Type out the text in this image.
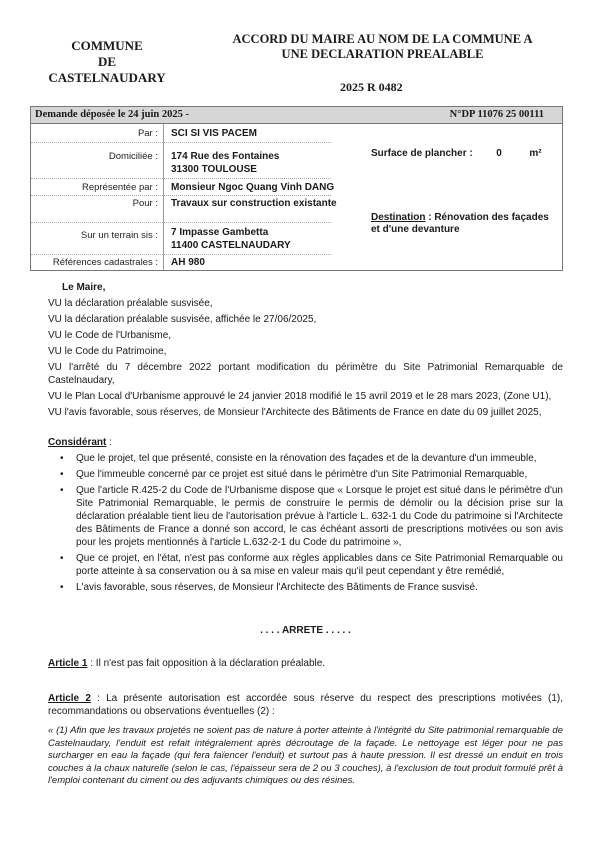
COMMUNE
DE
CASTELNAUDARY
ACCORD DU MAIRE AU NOM DE LA COMMUNE A
UNE DECLARATION PREALABLE
2025 R 0482
Demande déposée le 24 juin 2025 -	N°DP 11076 25 00111
Par : SCI SI VIS PACEM
Domiciliée : 174 Rue des Fontaines
31300 TOULOUSE
Représentée par : Monsieur Ngoc Quang Vinh DANG
Pour : Travaux sur construction existante
Sur un terrain sis : 7 Impasse Gambetta
11400 CASTELNAUDARY
Références cadastrales : AH 980
Surface de plancher : 0	m²
Destination : Rénovation des façades et d'une devanture
Le Maire,
VU la déclaration préalable susvisée,
VU la déclaration préalable susvisée, affichée le 27/06/2025,
VU le Code de l'Urbanisme,
VU le Code du Patrimoine,
VU l'arrêté du 7 décembre 2022 portant modification du périmètre du Site Patrimonial Remarquable de Castelnaudary,
VU le Plan Local d'Urbanisme approuvé le 24 janvier 2018 modifié le 15 avril 2019 et le 28 mars 2023, (Zone U1),
VU l'avis favorable, sous réserves, de Monsieur l'Architecte des Bâtiments de France en date du 09 juillet 2025,
Considérant :
• Que le projet, tel que présenté, consiste en la rénovation des façades et de la devanture d'un immeuble,
• Que l'immeuble concerné par ce projet est situé dans le périmètre d'un Site Patrimonial Remarquable,
• Que l'article R.425-2 du Code de l'Urbanisme dispose que « Lorsque le projet est situé dans le périmètre d'un Site Patrimonial Remarquable, le permis de construire le permis de démolir ou la décision prise sur la déclaration préalable tient lieu de l'autorisation prévue à l'article L. 632-1 du Code du patrimoine si l'Architecte des Bâtiments de France a donné son accord, le cas échéant assorti de prescriptions motivées ou son avis pour les projets mentionnés à l'article L.632-2-1 du Code du patrimoine »,
• Que ce projet, en l'état, n'est pas conforme aux règles applicables dans ce Site Patrimonial Remarquable ou porte atteinte à sa conservation ou à sa mise en valeur mais qu'il peut cependant y être remédié,
• L'avis favorable, sous réserves, de Monsieur l'Architecte des Bâtiments de France susvisé.
. . . . ARRETE . . . . .
Article 1 : Il n'est pas fait opposition à la déclaration préalable.
Article 2 : La présente autorisation est accordée sous réserve du respect des prescriptions motivées (1), recommandations ou observations éventuelles (2) :
« (1) Afin que les travaux projetés ne soient pas de nature à porter atteinte à l'intégrité du Site patrimonial remarquable de Castelnaudary, l'enduit est refait intégralement après décroutage de la façade. Le nettoyage est léger pour ne pas surcharger en eau la façade (qui fera faïencer l'enduit) et surtout pas à haute pression. Il est dressé un enduit en trois couches à la chaux naturelle (selon le cas, l'épaisseur sera de 2 ou 3 couches), à l'exclusion de tout produit formulé prêt à l'emploi contenant du ciment ou des adjuvants chimiques ou des résines.
